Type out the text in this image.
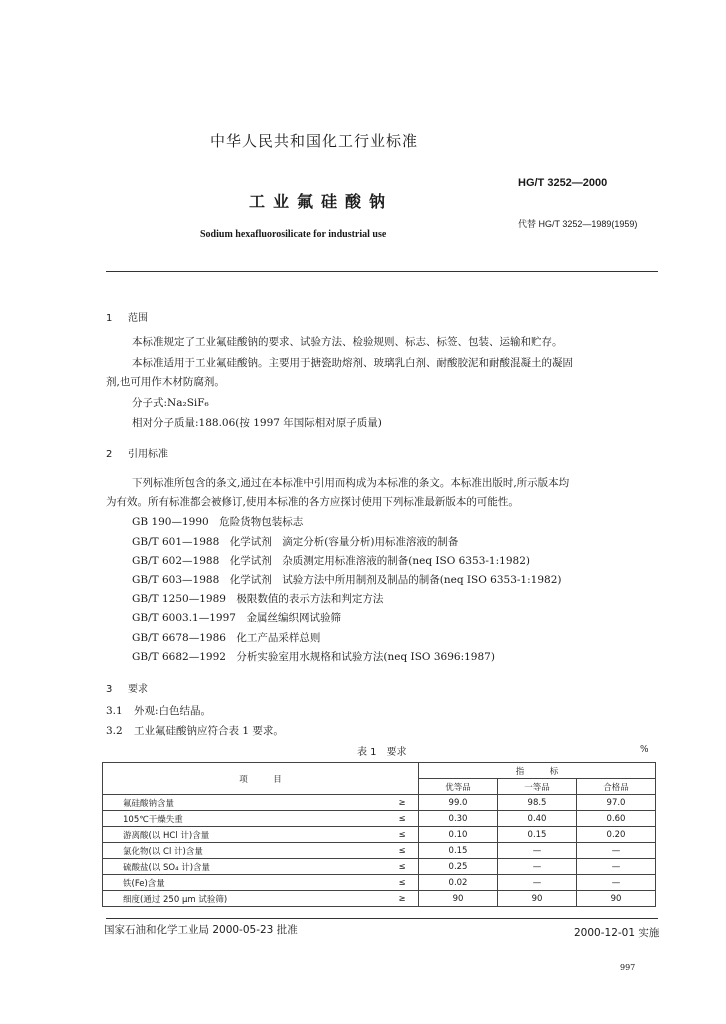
中华人民共和国化工行业标准
HG/T 3252—2000
工业氟硅酸钠
代替 HG/T 3252—1989(1959)
Sodium hexafluorosilicate for industrial use
1 范围
本标准规定了工业氟硅酸钠的要求、试验方法、检验规则、标志、标签、包装、运输和贮存。
本标准适用于工业氟硅酸钠。主要用于搪瓷助熔剂、玻璃乳白剂、耐酸胶泥和耐酸混凝土的凝固
剂,也可用作木材防腐剂。
分子式:Na₂SiF₆
相对分子质量:188.06(按 1997 年国际相对原子质量)
2 引用标准
下列标准所包含的条文,通过在本标准中引用而构成为本标准的条文。本标准出版时,所示版本均
为有效。所有标准都会被修订,使用本标准的各方应探讨使用下列标准最新版本的可能性。
GB 190—1990　危险货物包装标志
GB/T 601—1988　化学试剂　滴定分析(容量分析)用标准溶液的制备
GB/T 602—1988　化学试剂　杂质测定用标准溶液的制备(neq ISO 6353-1:1982)
GB/T 603—1988　化学试剂　试验方法中所用制剂及制品的制备(neq ISO 6353-1:1982)
GB/T 1250—1989　极限数值的表示方法和判定方法
GB/T 6003.1—1997　金属丝编织网试验筛
GB/T 6678—1986　化工产品采样总则
GB/T 6682—1992　分析实验室用水规格和试验方法(neq ISO 3696:1987)
3 要求
3.1 外观:白色结晶。
3.2 工业氟硅酸钠应符合表 1 要求。
表 1　要求	%
项　　　目		指　　　标		
		优等品	一等品	合格品
氟硅酸钠含量	≥	99.0	98.5	97.0
105℃干燥失重	≤	0.30	0.40	0.60
游离酸(以 HCl 计)含量	≤	0.10	0.15	0.20
氯化物(以 Cl 计)含量	≤	0.15	—	—
硫酸盐(以 SO₄ 计)含量	≤	0.25	—	—
铁(Fe)含量	≤	0.02	—	—
细度(通过 250 μm 试验筛)	≥	90	90	90
国家石油和化学工业局 2000-05-23 批准	2000-12-01 实施
997
